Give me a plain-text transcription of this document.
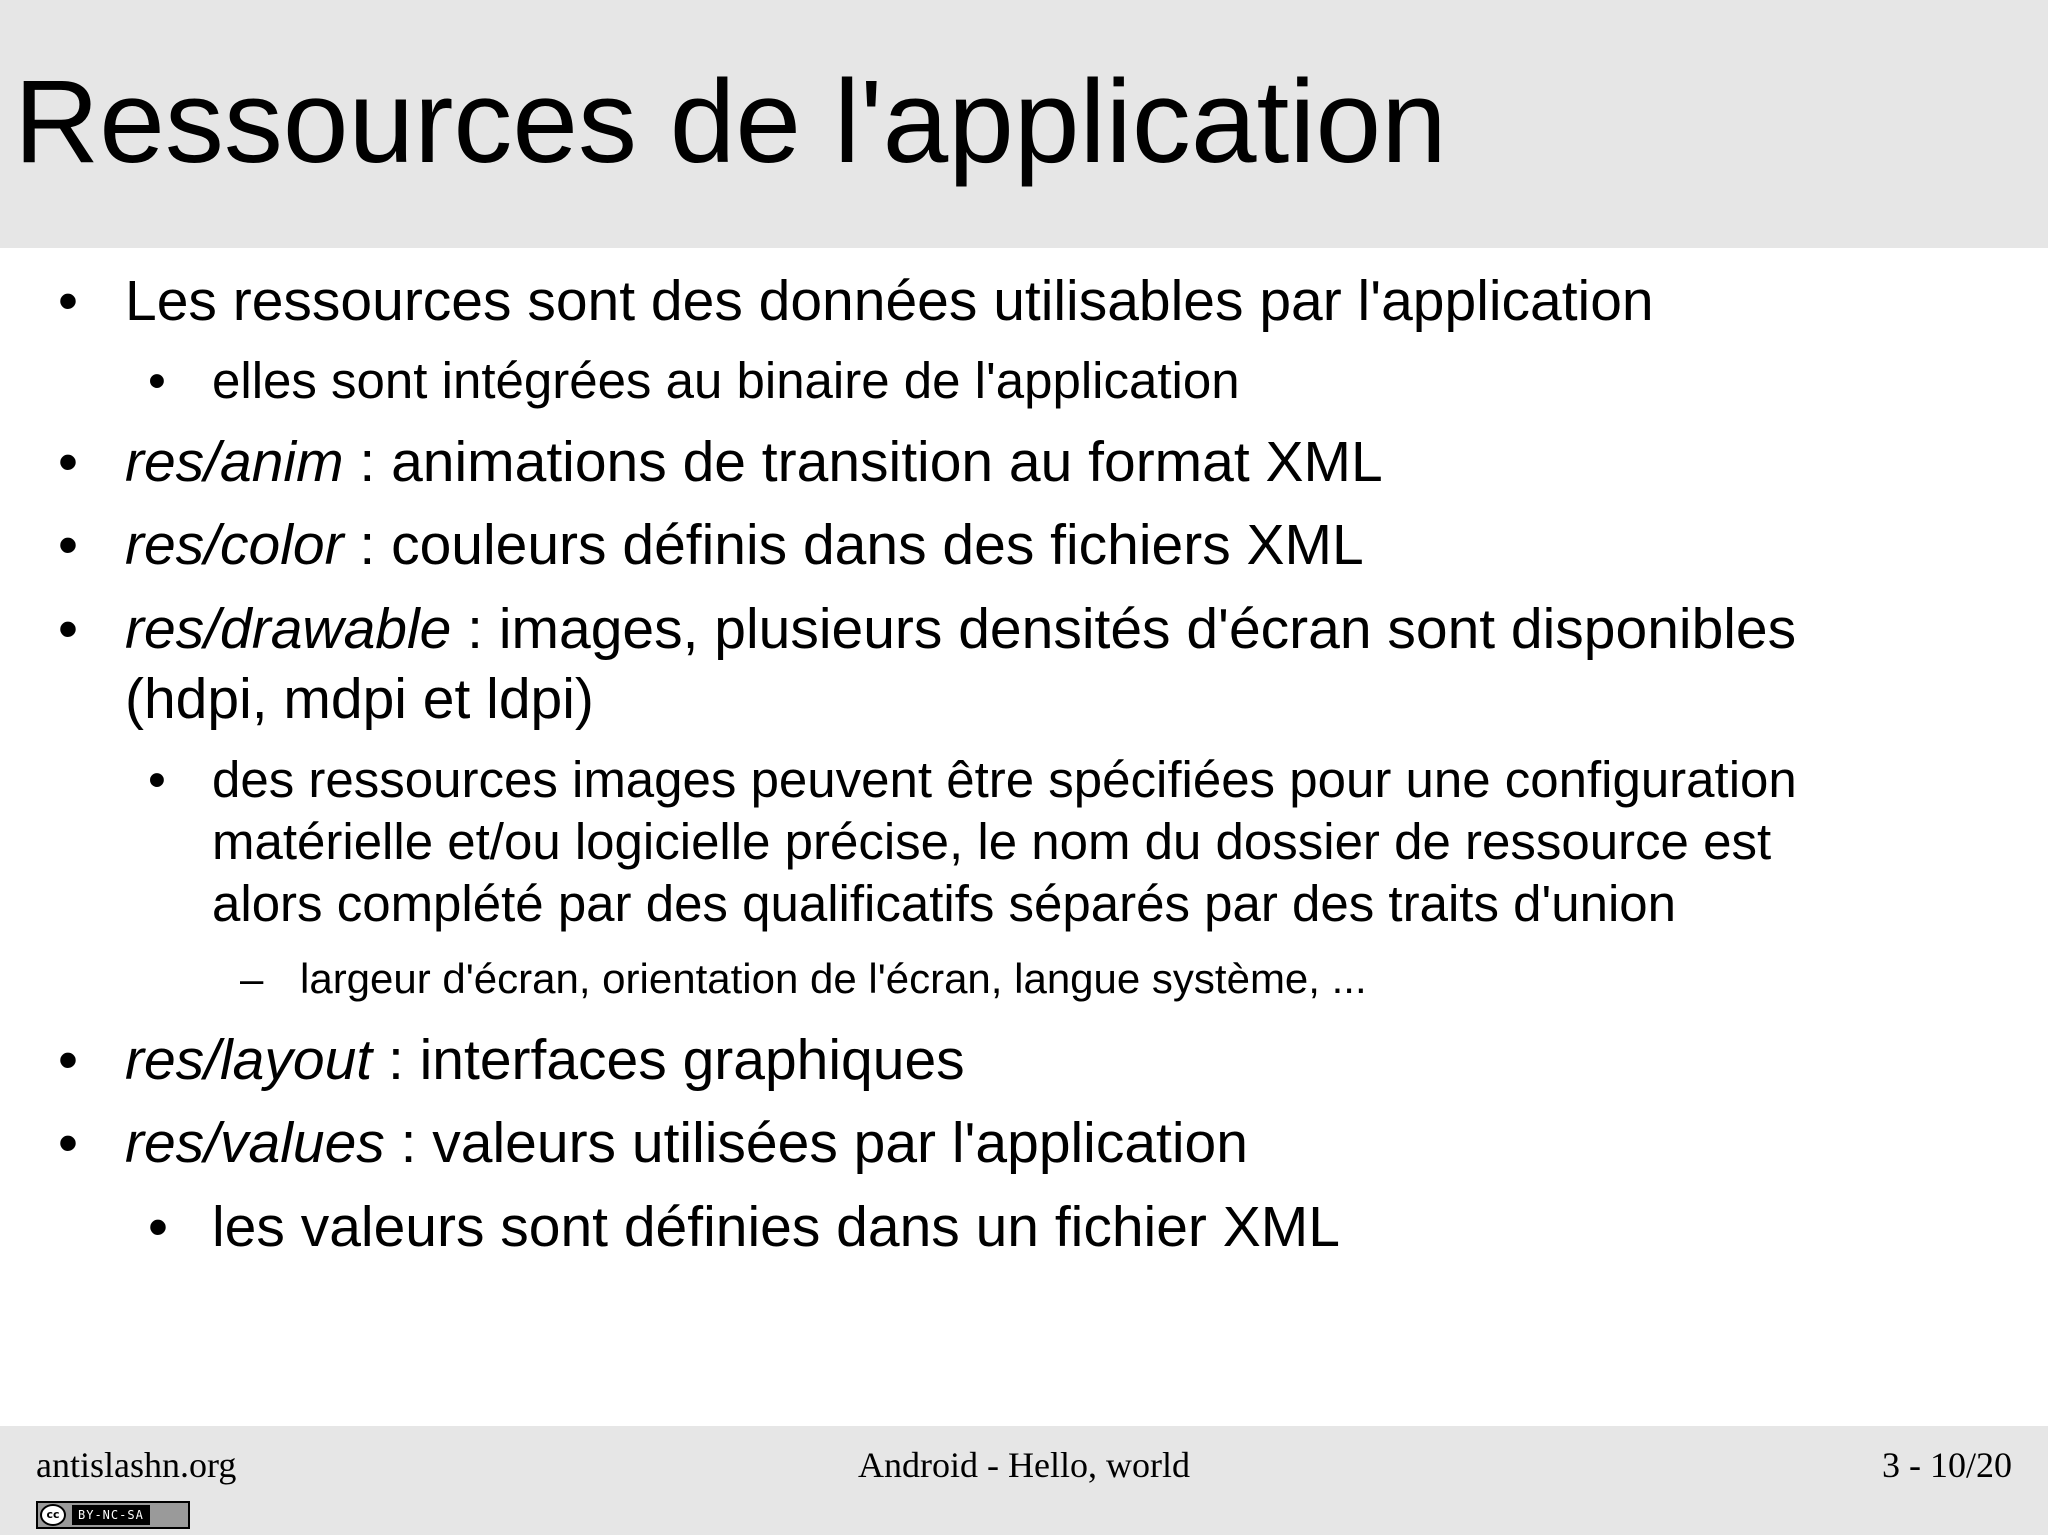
Ressources de l'application
• Les ressources sont des données utilisables par l'application
• elles sont intégrées au binaire de l'application
• res/anim : animations de transition au format XML
• res/color : couleurs définis dans des fichiers XML
• res/drawable : images, plusieurs densités d'écran sont disponibles
(hdpi, mdpi et ldpi)
• des ressources images peuvent être spécifiées pour une configuration
matérielle et/ou logicielle précise, le nom du dossier de ressource est
alors complété par des qualificatifs séparés par des traits d'union
– largeur d'écran, orientation de l'écran, langue système, ...
• res/layout : interfaces graphiques
• res/values : valeurs utilisées par l'application
• les valeurs sont définies dans un fichier XML
antislashn.org	Android - Hello, world	3 - 10/20
cc	BY-NC-SA
